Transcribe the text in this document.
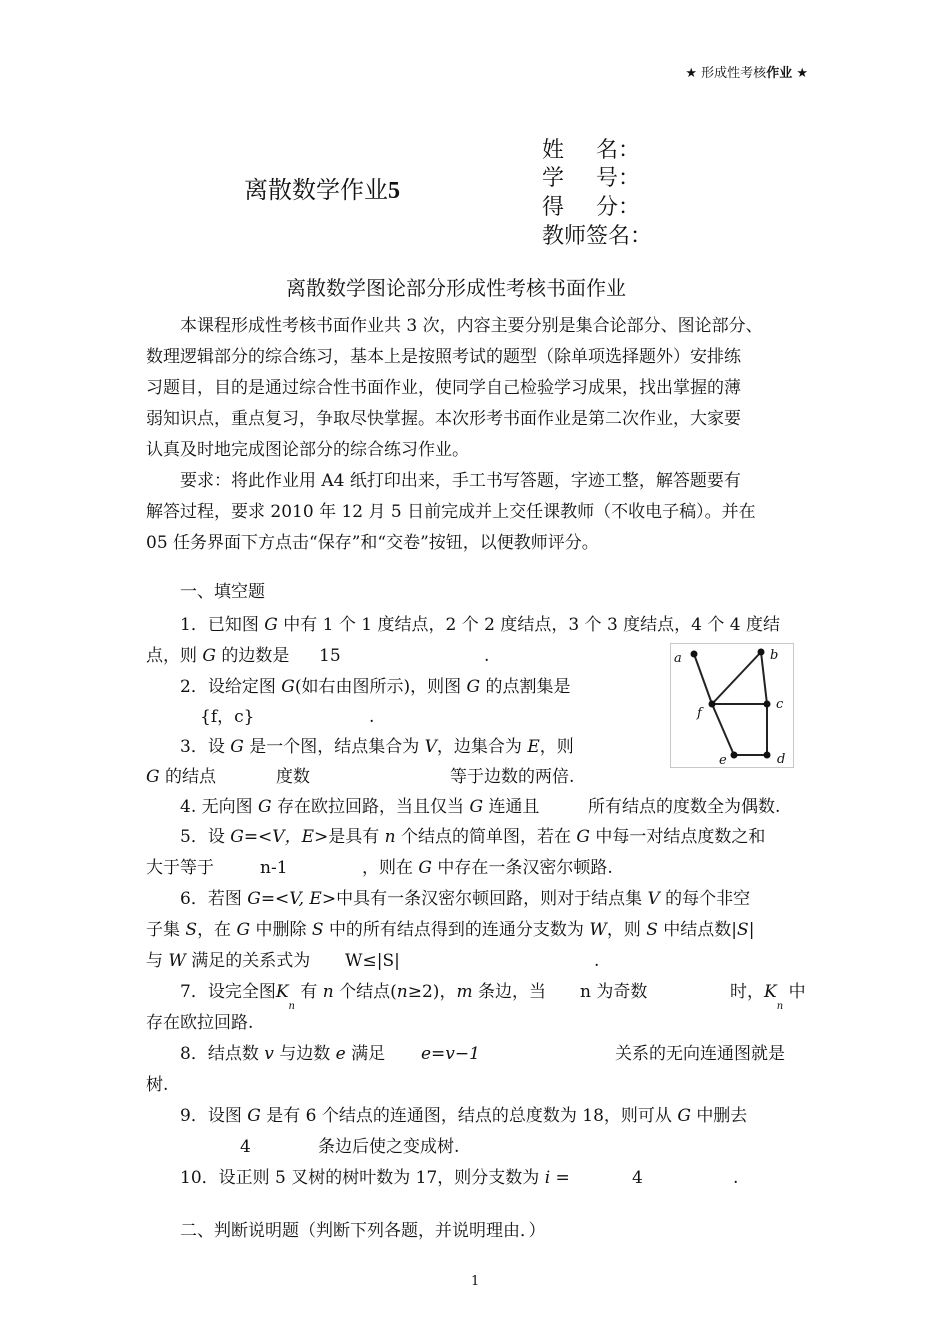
★ 形成性考核作业 ★
离散数学作业5
姓 名：
学 号：
得 分：
教师签名：
离散数学图论部分形成性考核书面作业
本课程形成性考核书面作业共 3 次，内容主要分别是集合论部分、图论部分、
数理逻辑部分的综合练习，基本上是按照考试的题型（除单项选择题外）安排练
习题目，目的是通过综合性书面作业，使同学自己检验学习成果，找出掌握的薄
弱知识点，重点复习，争取尽快掌握。本次形考书面作业是第二次作业，大家要
认真及时地完成图论部分的综合练习作业。
要求：将此作业用 A4 纸打印出来，手工书写答题，字迹工整，解答题要有
解答过程，要求 2010 年 12 月 5 日前完成并上交任课教师（不收电子稿）。并在
05 任务界面下方点击“保存”和“交卷”按钮，以便教师评分。
一、填空题
1．已知图 G 中有 1 个 1 度结点，2 个 2 度结点，3 个 3 度结点，4 个 4 度结
点，则 G 的边数是 15	.
2．设给定图 G(如右由图所示)，则图 G 的点割集是
{f，c}	.
3．设 G 是一个图，结点集合为 V，边集合为 E，则
G 的结点	度数	等于边数的两倍.
4. 无向图 G 存在欧拉回路，当且仅当 G 连通且	所有结点的度数全为偶数.
5．设 G=<V，E>是具有 n 个结点的简单图，若在 G 中每一对结点度数之和
大于等于	n-1	，则在 G 中存在一条汉密尔顿路.
6．若图 G=<V, E>中具有一条汉密尔顿回路，则对于结点集 V 的每个非空
子集 S，在 G 中删除 S 中的所有结点得到的连通分支数为 W，则 S 中结点数|S|
与 W 满足的关系式为 W≤|S|	.
7．设完全图$K_n$ 有 n 个结点(n≥2)，m 条边，当 n 为奇数	时，$K_n$ 中
存在欧拉回路.
8．结点数 v 与边数 e 满足 e=v−1	关系的无向连通图就是
树.
9．设图 G 是有 6 个结点的连通图，结点的总度数为 18，则可从 G 中删去
4	条边后使之变成树.
10．设正则 5 叉树的树叶数为 17，则分支数为 i =	4	.
二、判断说明题（判断下列各题，并说明理由．）
a	b
c
f
e	d
1
